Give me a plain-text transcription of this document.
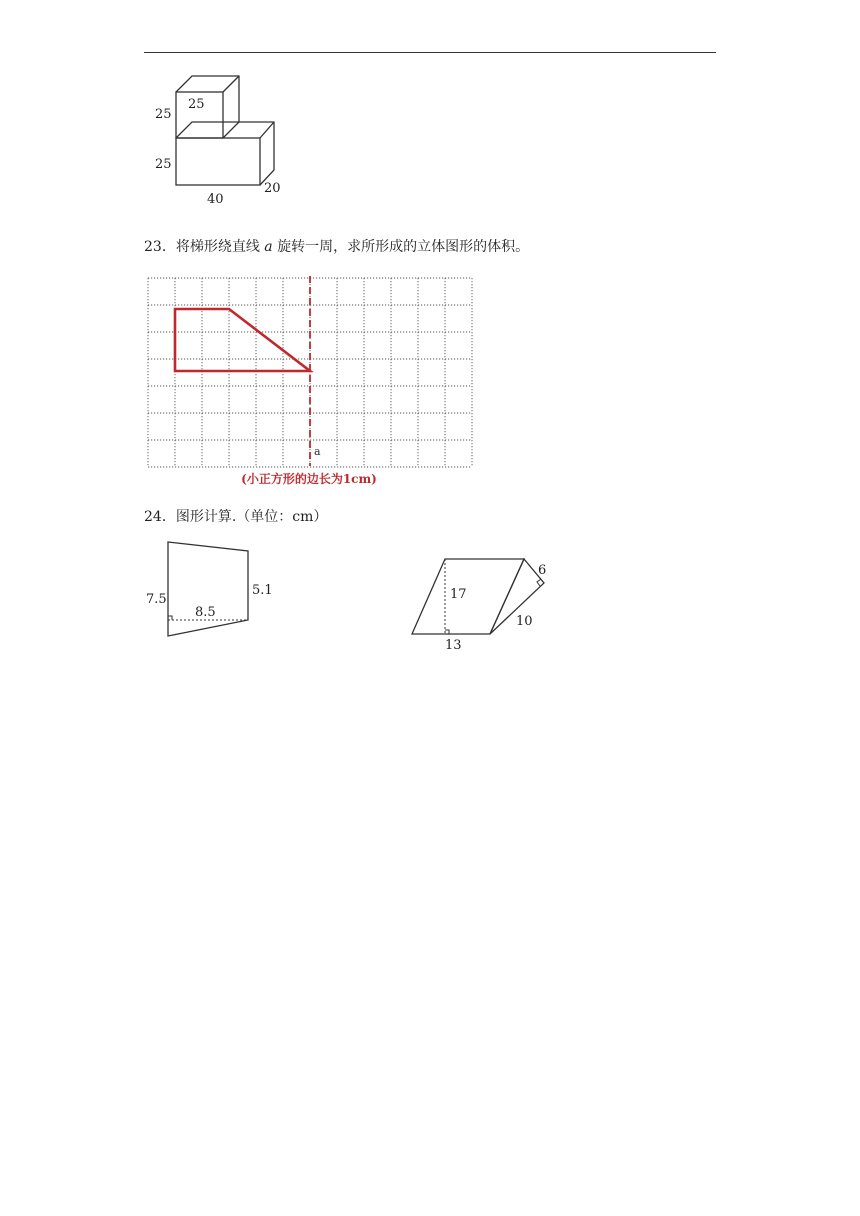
25
25
25
40
20
23．将梯形绕直线 a 旋转一周，求所形成的立体图形的体积。
a
(小正方形的边长为1cm)
24．图形计算.（单位：cm）
7.5
5.1
8.5
17
6
10
13
